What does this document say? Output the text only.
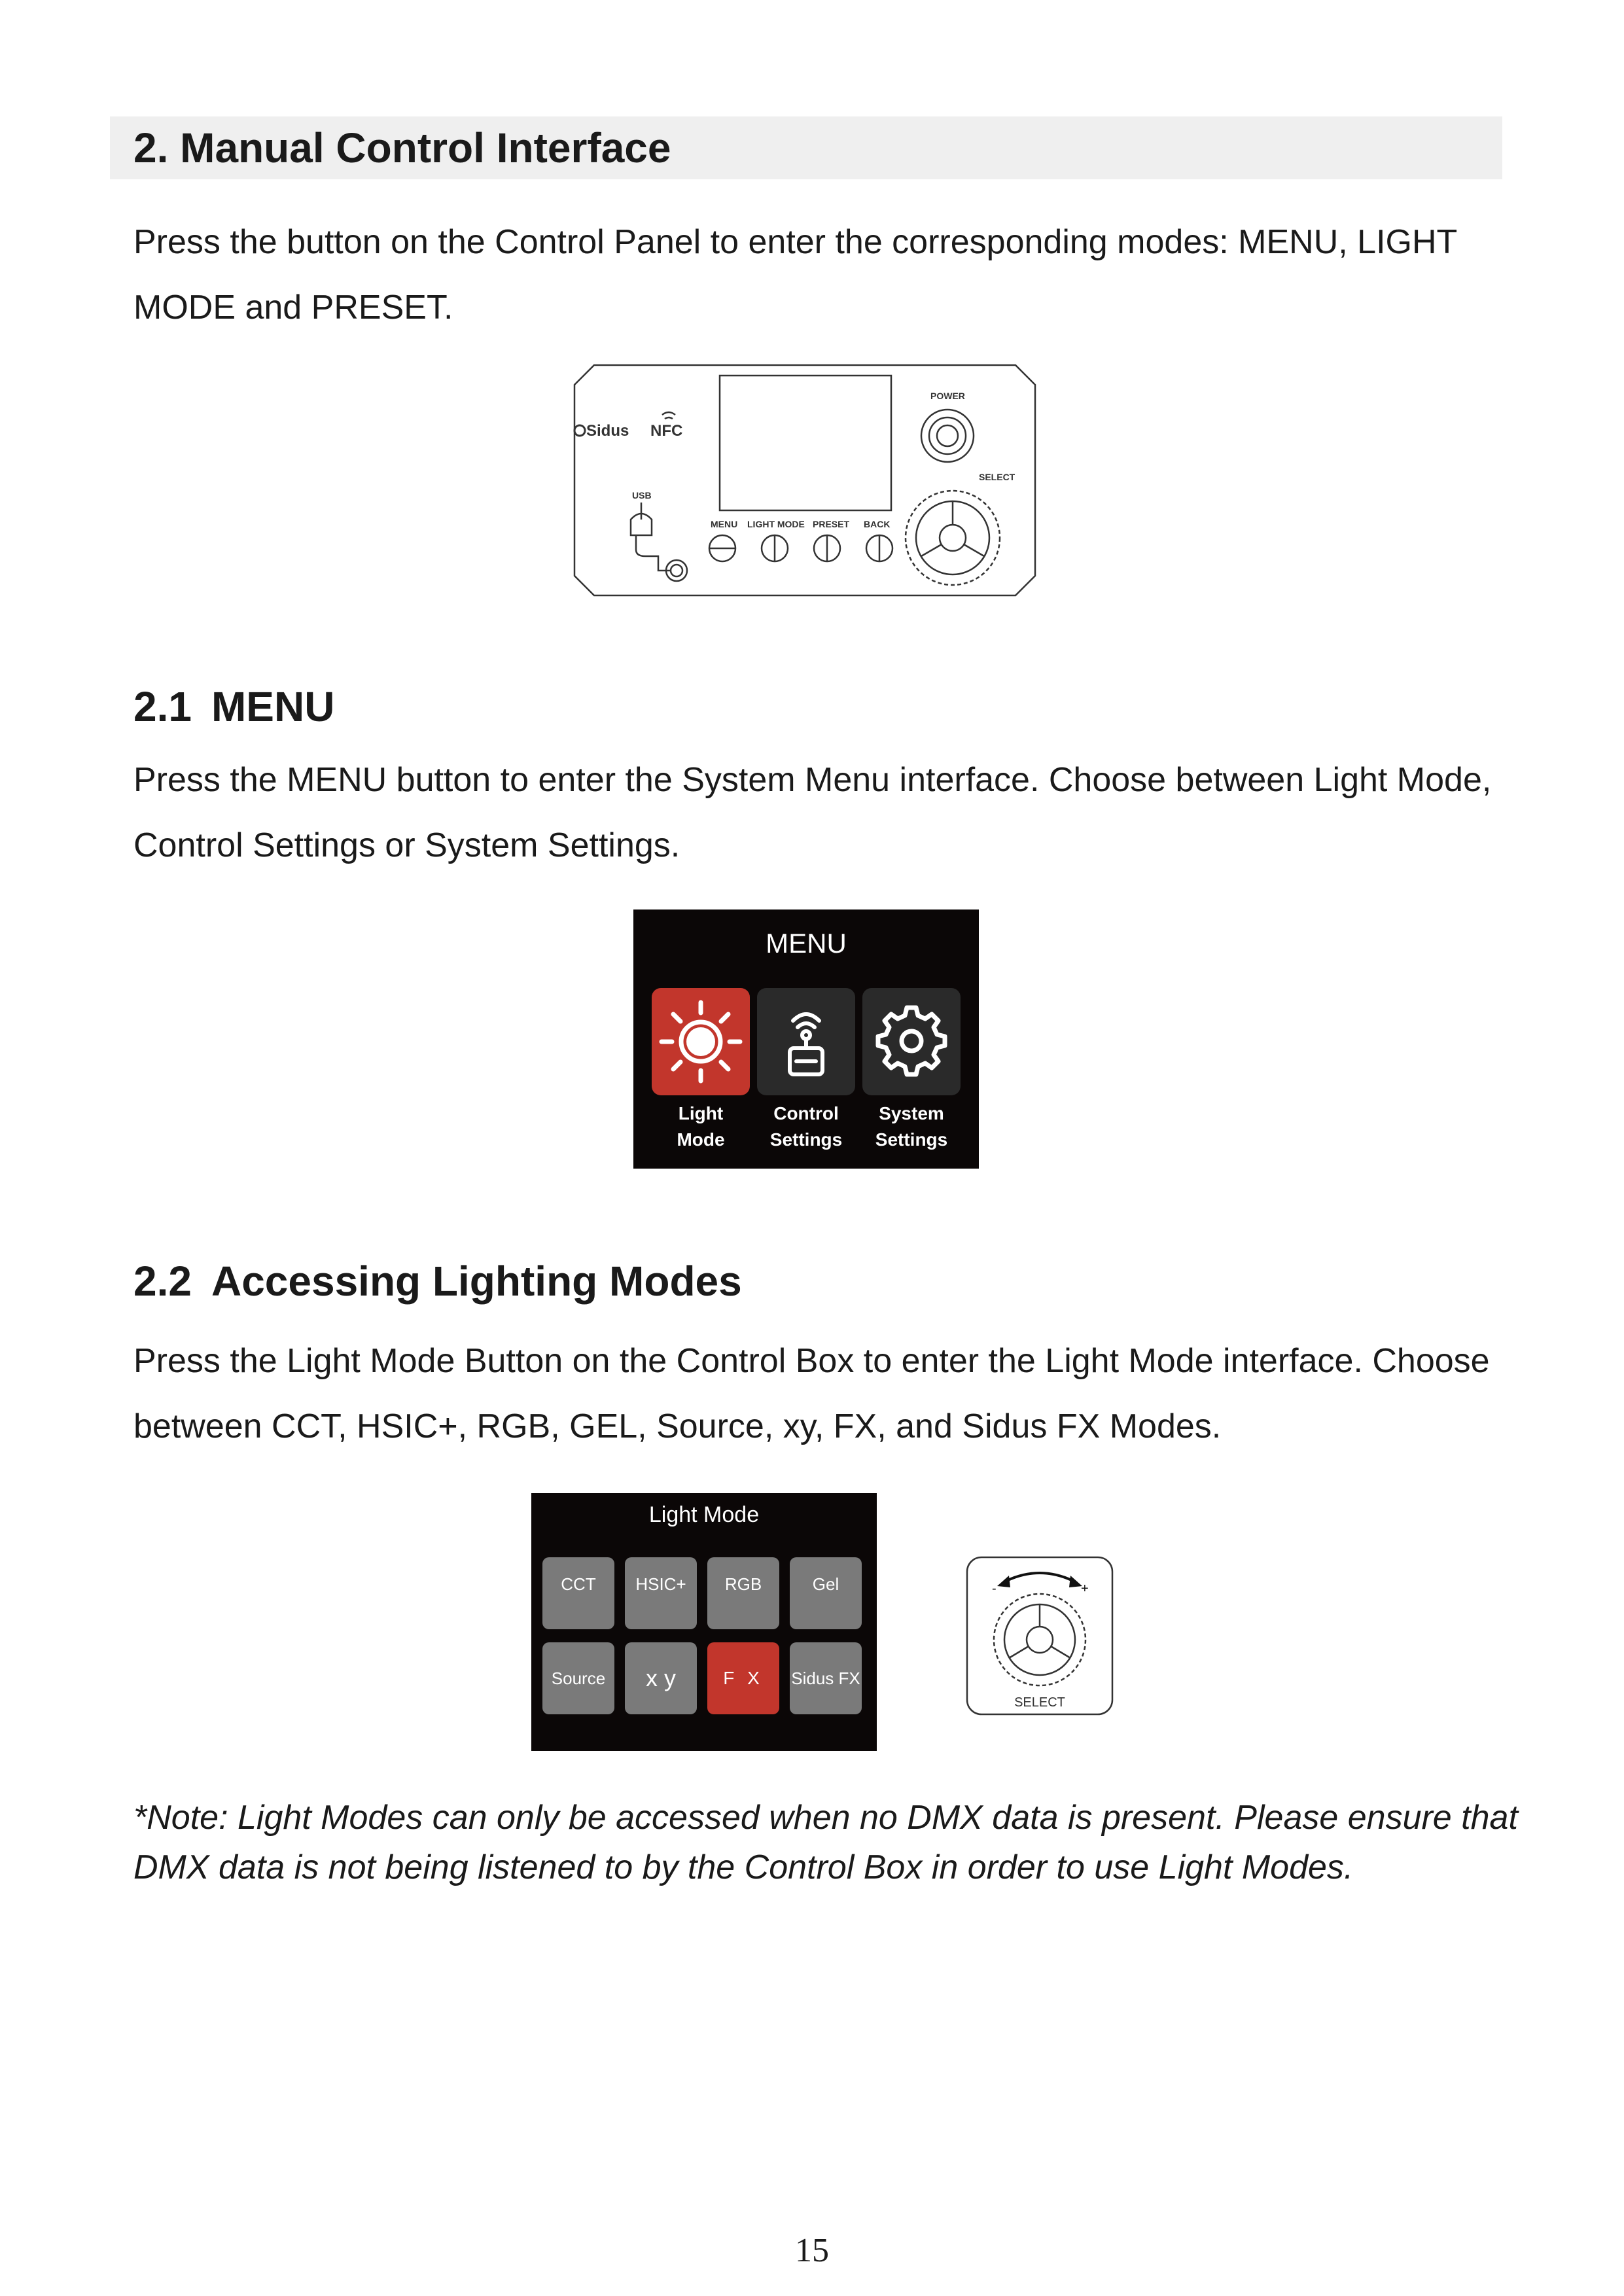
2. Manual Control Interface
Press the button on the Control Panel to enter the corresponding modes: MENU, LIGHT
MODE and PRESET.
Sidus NFC
USB
POWER
SELECT
MENU LIGHT MODE PRESET BACK
2.1 MENU
Press the MENU button to enter the System Menu interface. Choose between Light Mode,
Control Settings or System Settings.
MENU
Light
Mode
Control
Settings
System
Settings
2.2 Accessing Lighting Modes
Press the Light Mode Button on the Control Box to enter the Light Mode interface. Choose
between CCT, HSIC+, RGB, GEL, Source, xy, FX, and Sidus FX Modes.
Light Mode
CCT	HSIC+	RGB	Gel
Source	x y	F X	Sidus FX
-	+
SELECT
*Note: Light Modes can only be accessed when no DMX data is present. Please ensure that
DMX data is not being listened to by the Control Box in order to use Light Modes.
15
